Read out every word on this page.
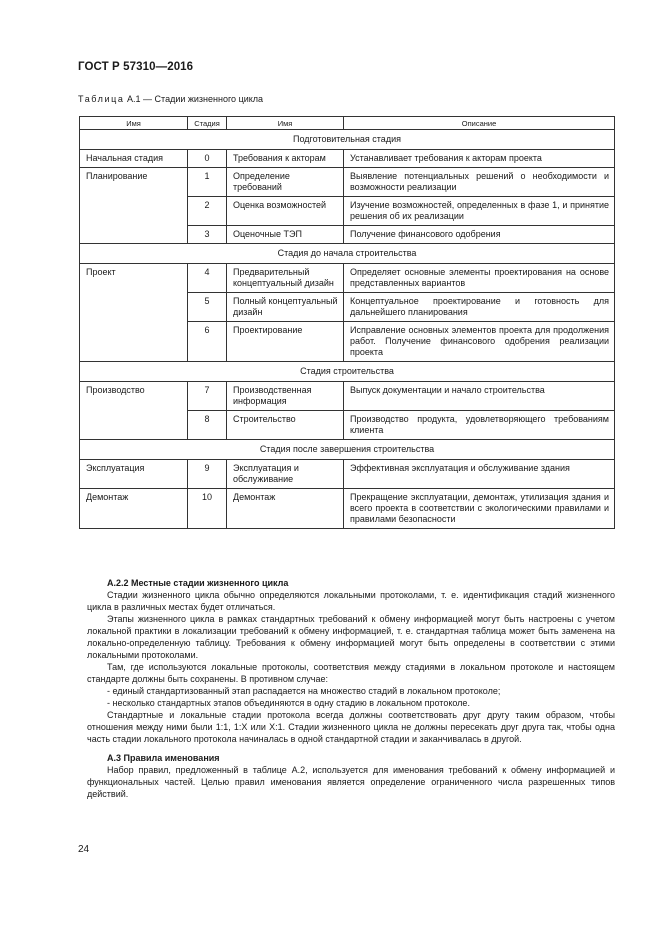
ГОСТ Р 57310—2016
Таблица А.1 — Стадии жизненного цикла
Имя	Стадия	Имя	Описание
Подготовительная стадия			
Начальная стадия	0	Требования к акторам	Устанавливает требования к акторам проекта
Планирование	1	Определение требований	Выявление потенциальных решений о необходимости и возможности реализации
	2	Оценка возможностей	Изучение возможностей, определенных в фазе 1, и принятие решения об их реализации
	3	Оценочные ТЭП	Получение финансового одобрения
Стадия до начала строительства			
Проект	4	Предварительный концептуальный дизайн	Определяет основные элементы проектирования на основе представленных вариантов
	5	Полный концептуальный дизайн	Концептуальное проектирование и готовность для дальнейшего планирования
	6	Проектирование	Исправление основных элементов проекта для продолжения работ. Получение финансового одобрения реализации проекта
Стадия строительства			
Производство	7	Производственная информация	Выпуск документации и начало строительства
	8	Строительство	Производство продукта, удовлетворяющего требованиям клиента
Стадия после завершения строительства			
Эксплуатация	9	Эксплуатация и обслуживание	Эффективная эксплуатация и обслуживание здания
Демонтаж	10	Демонтаж	Прекращение эксплуатации, демонтаж, утилизация здания и всего проекта в соответствии с экологическими правилами и правилами безопасности
А.2.2 Местные стадии жизненного цикла

Стадии жизненного цикла обычно определяются локальными протоколами, т. е. идентификация стадий жизненного цикла в различных местах будет отличаться.

Этапы жизненного цикла в рамках стандартных требований к обмену информацией могут быть настроены с учетом локальной практики в локализации требований к обмену информацией, т. е. стандартная таблица может быть заменена на локально-определенную таблицу. Требования к обмену информацией могут быть определены в соответствии с этими локальными протоколами.

Там, где используются локальные протоколы, соответствия между стадиями в локальном протоколе и настоящем стандарте должны быть сохранены. В противном случае:

- единый стандартизованный этап распадается на множество стадий в локальном протоколе;

- несколько стандартных этапов объединяются в одну стадию в локальном протоколе.

Стандартные и локальные стадии протокола всегда должны соответствовать друг другу таким образом, чтобы отношения между ними были 1:1, 1:X или X:1. Стадии жизненного цикла не должны пересекать друг друга так, чтобы одна часть стадии локального протокола начиналась в одной стандартной стадии и заканчивалась в другой.

А.3 Правила именования

Набор правил, предложенный в таблице А.2, используется для именования требований к обмену информацией и функциональных частей. Целью правил именования является определение ограниченного числа разрешенных типов действий.

24
